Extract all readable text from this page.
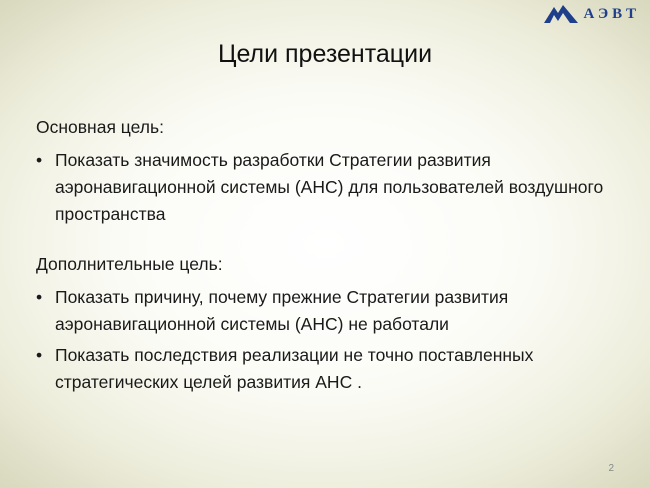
АЭВТ
Цели презентации
Основная цель:
• Показать значимость разработки Стратегии развития аэронавигационной системы (АНС) для пользователей воздушного пространства
Дополнительные цель:
• Показать причину, почему прежние Стратегии развития аэронавигационной системы (АНС) не работали
• Показать последствия реализации не точно поставленных стратегических целей развития АНС .
2
